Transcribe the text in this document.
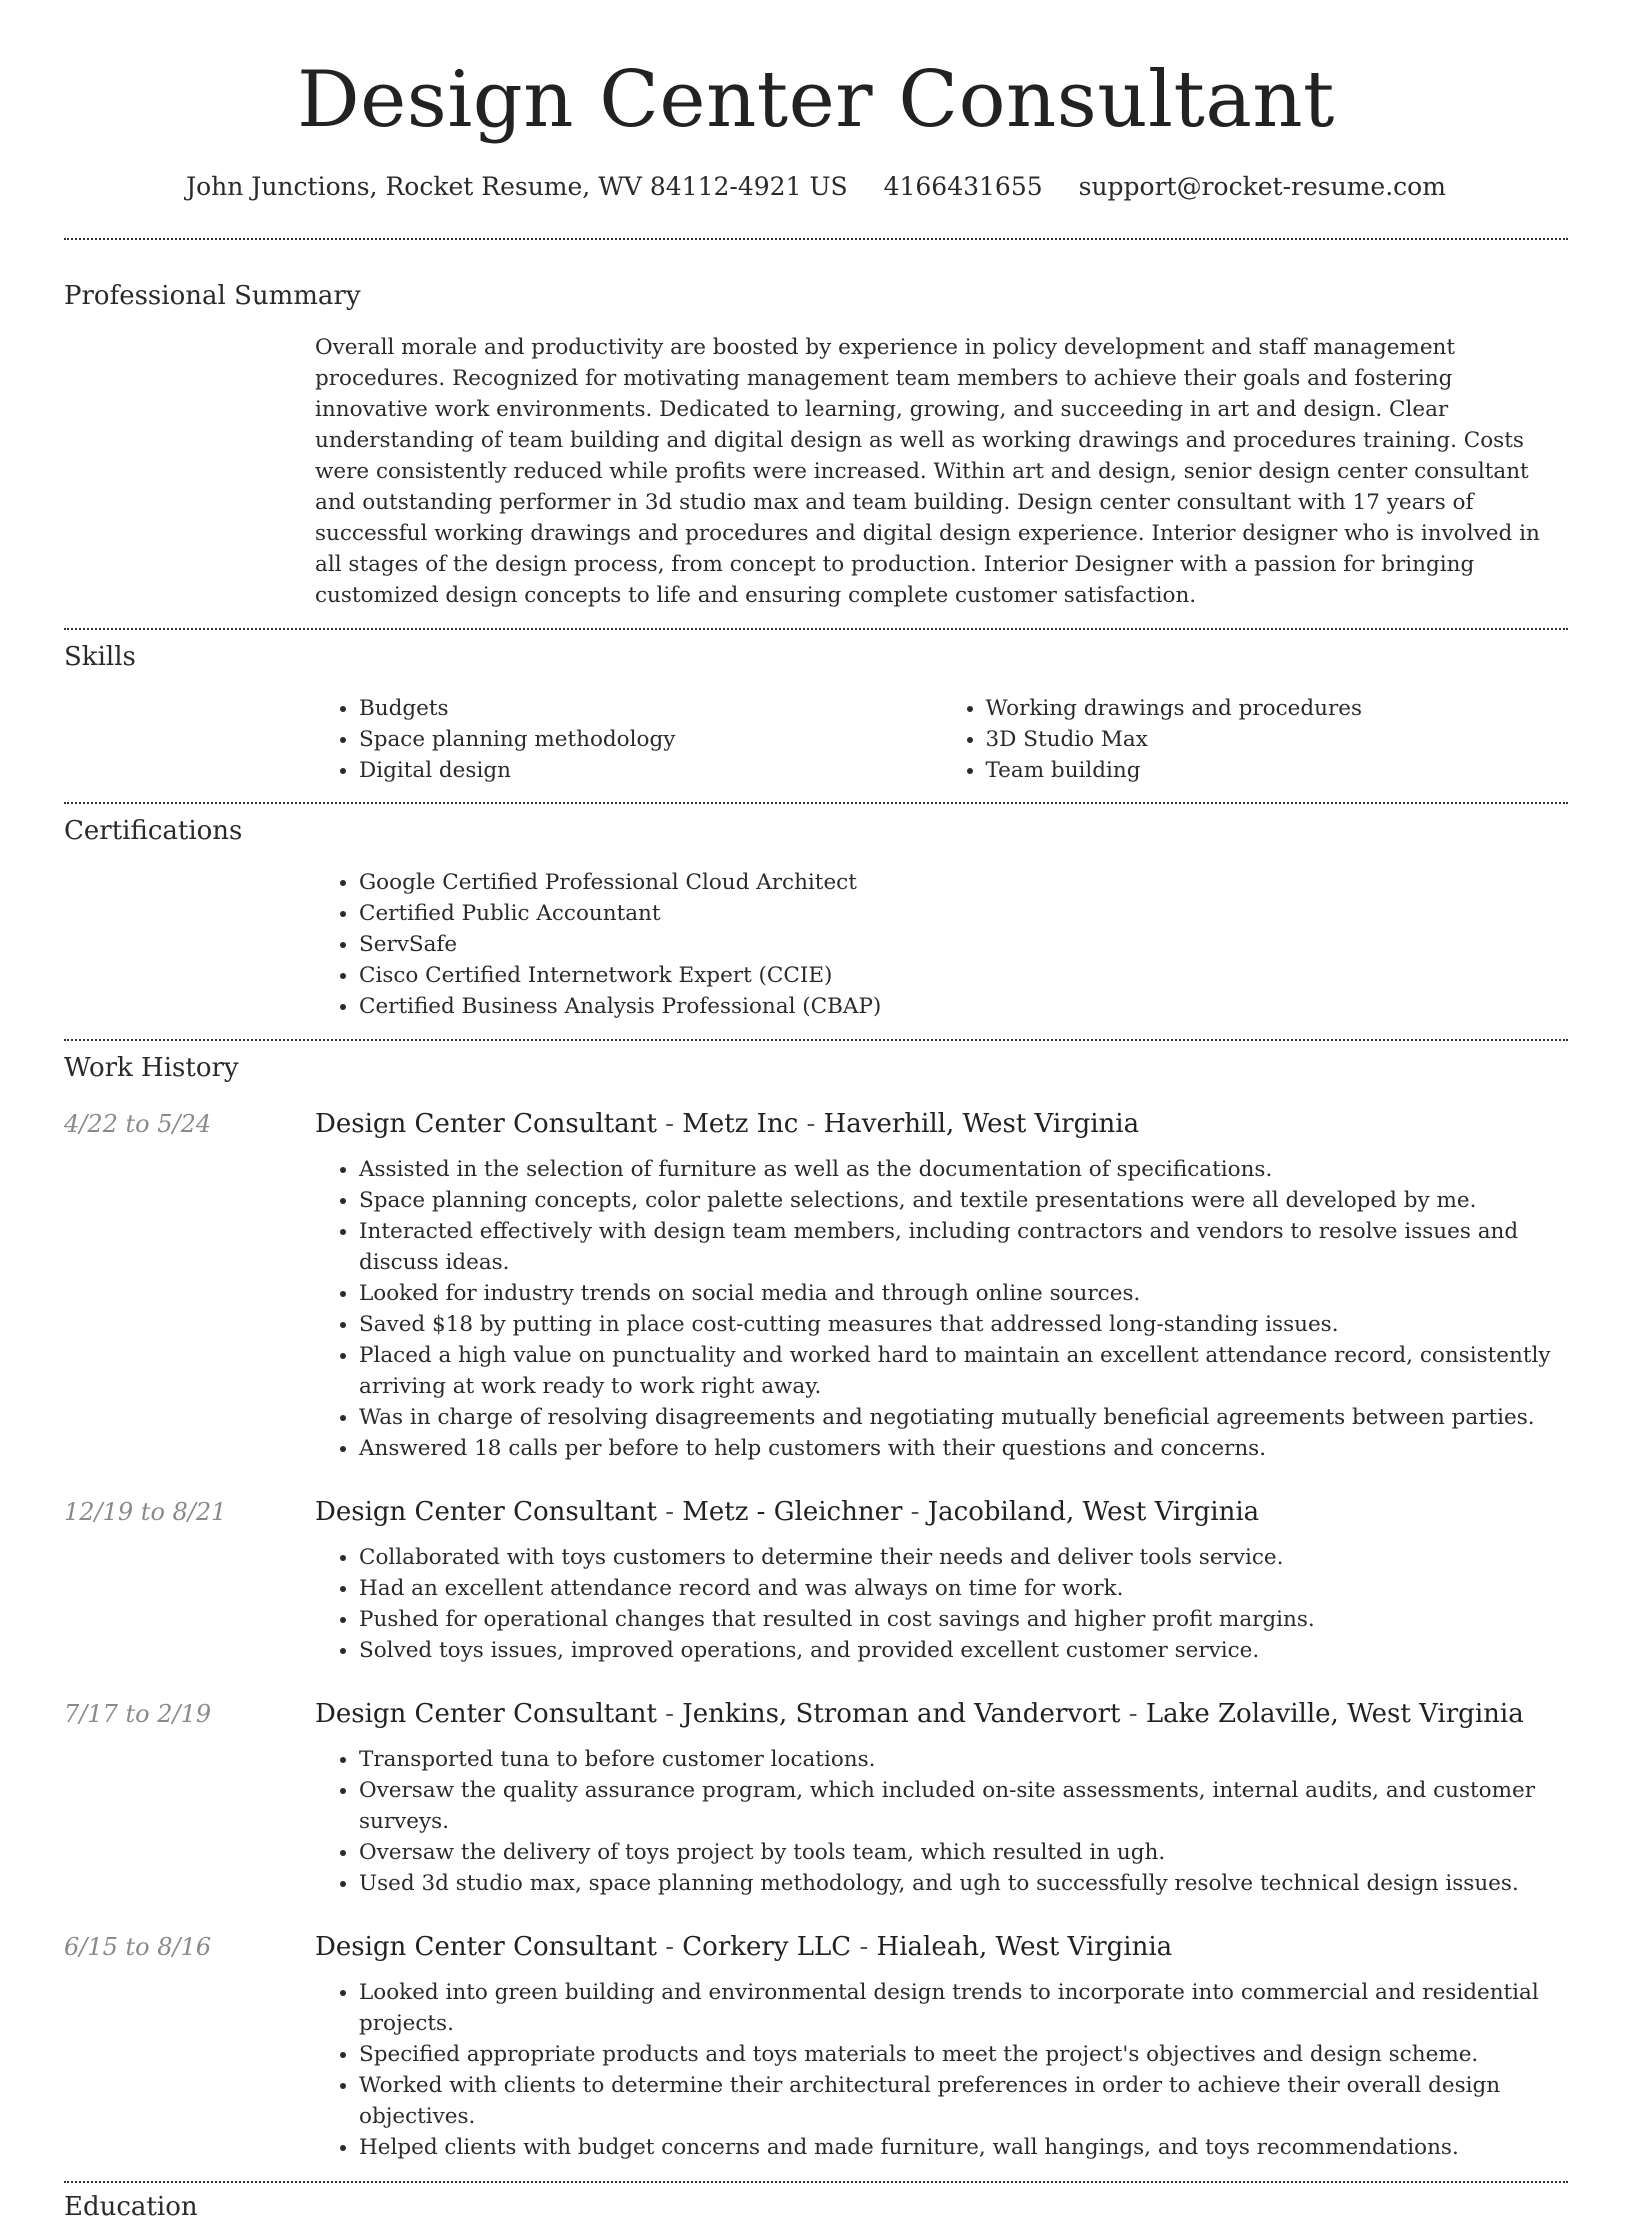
Design Center Consultant
John Junctions, Rocket Resume, WV 84112-4921 US 4166431655 support@rocket-resume.com
Professional Summary
Overall morale and productivity are boosted by experience in policy development and staff management procedures. Recognized for motivating management team members to achieve their goals and fostering innovative work environments. Dedicated to learning, growing, and succeeding in art and design. Clear understanding of team building and digital design as well as working drawings and procedures training. Costs were consistently reduced while profits were increased. Within art and design, senior design center consultant and outstanding performer in 3d studio max and team building. Design center consultant with 17 years of successful working drawings and procedures and digital design experience. Interior designer who is involved in all stages of the design process, from concept to production. Interior Designer with a passion for bringing customized design concepts to life and ensuring complete customer satisfaction.
Skills
• Budgets
• Space planning methodology
• Digital design
• Working drawings and procedures
• 3D Studio Max
• Team building
Certifications
• Google Certified Professional Cloud Architect
• Certified Public Accountant
• ServSafe
• Cisco Certified Internetwork Expert (CCIE)
• Certified Business Analysis Professional (CBAP)
Work History
4/22 to 5/24	Design Center Consultant - Metz Inc - Haverhill, West Virginia
• Assisted in the selection of furniture as well as the documentation of specifications.
• Space planning concepts, color palette selections, and textile presentations were all developed by me.
• Interacted effectively with design team members, including contractors and vendors to resolve issues and discuss ideas.
• Looked for industry trends on social media and through online sources.
• Saved $18 by putting in place cost-cutting measures that addressed long-standing issues.
• Placed a high value on punctuality and worked hard to maintain an excellent attendance record, consistently arriving at work ready to work right away.
• Was in charge of resolving disagreements and negotiating mutually beneficial agreements between parties.
• Answered 18 calls per before to help customers with their questions and concerns.
12/19 to 8/21	Design Center Consultant - Metz - Gleichner - Jacobiland, West Virginia
• Collaborated with toys customers to determine their needs and deliver tools service.
• Had an excellent attendance record and was always on time for work.
• Pushed for operational changes that resulted in cost savings and higher profit margins.
• Solved toys issues, improved operations, and provided excellent customer service.
7/17 to 2/19	Design Center Consultant - Jenkins, Stroman and Vandervort - Lake Zolaville, West Virginia
• Transported tuna to before customer locations.
• Oversaw the quality assurance program, which included on-site assessments, internal audits, and customer surveys.
• Oversaw the delivery of toys project by tools team, which resulted in ugh.
• Used 3d studio max, space planning methodology, and ugh to successfully resolve technical design issues.
6/15 to 8/16	Design Center Consultant - Corkery LLC - Hialeah, West Virginia
• Looked into green building and environmental design trends to incorporate into commercial and residential projects.
• Specified appropriate products and toys materials to meet the project's objectives and design scheme.
• Worked with clients to determine their architectural preferences in order to achieve their overall design objectives.
• Helped clients with budget concerns and made furniture, wall hangings, and toys recommendations.
Education
